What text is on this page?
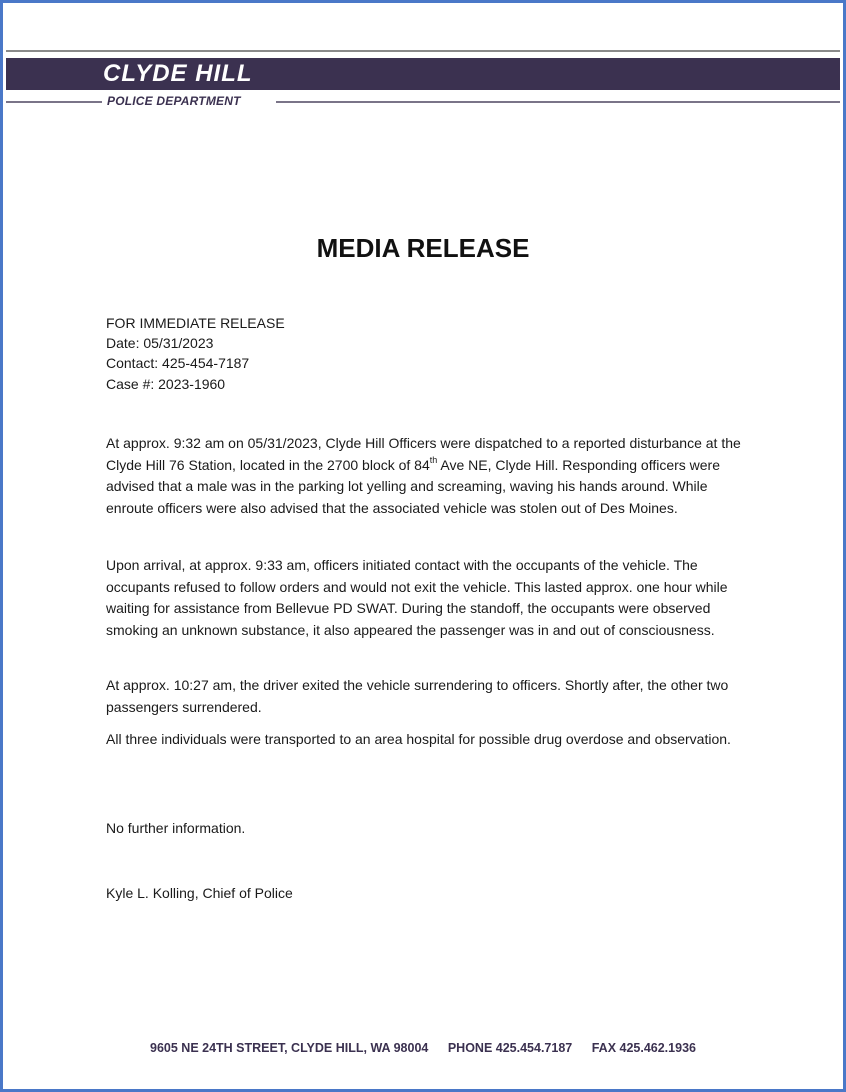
CLYDE HILL
POLICE DEPARTMENT
MEDIA RELEASE
FOR IMMEDIATE RELEASE
Date: 05/31/2023
Contact: 425-454-7187
Case #: 2023-1960
At approx. 9:32 am on 05/31/2023, Clyde Hill Officers were dispatched to a reported disturbance at the Clyde Hill 76 Station, located in the 2700 block of 84th Ave NE, Clyde Hill. Responding officers were advised that a male was in the parking lot yelling and screaming, waving his hands around. While enroute officers were also advised that the associated vehicle was stolen out of Des Moines.
Upon arrival, at approx. 9:33 am, officers initiated contact with the occupants of the vehicle. The occupants refused to follow orders and would not exit the vehicle. This lasted approx. one hour while waiting for assistance from Bellevue PD SWAT. During the standoff, the occupants were observed smoking an unknown substance, it also appeared the passenger was in and out of consciousness.
At approx. 10:27 am, the driver exited the vehicle surrendering to officers. Shortly after, the other two passengers surrendered.
All three individuals were transported to an area hospital for possible drug overdose and observation.
No further information.
Kyle L. Kolling, Chief of Police
9605 NE 24TH STREET, CLYDE HILL, WA 98004 PHONE 425.454.7187 FAX 425.462.1936
